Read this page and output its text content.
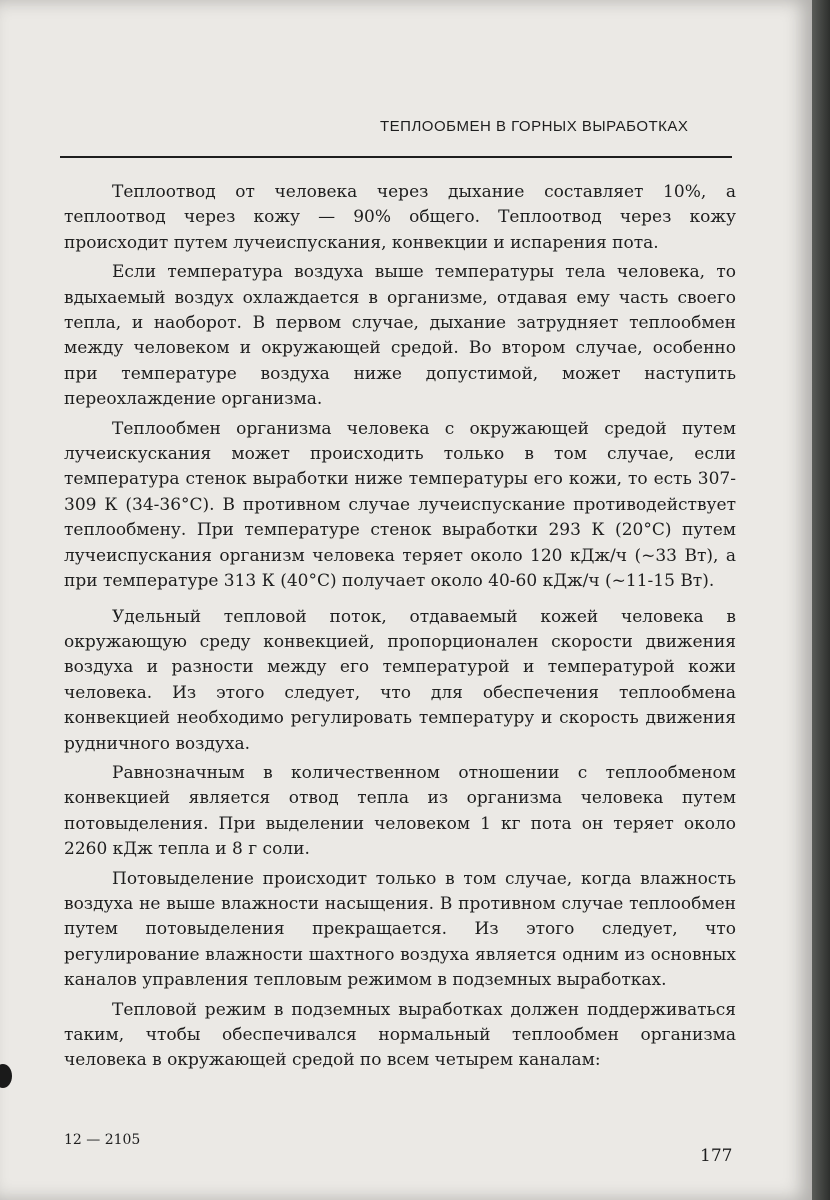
ТЕПЛООБМЕН В ГОРНЫХ ВЫРАБОТКАХ

Теплоотвод от человека через дыхание составляет 10%, а теплоотвод через кожу — 90% общего. Теплоотвод через кожу происходит путем лучеиспускания, конвекции и испарения пота.

Если температура воздуха выше температуры тела человека, то вдыхаемый воздух охлаждается в организме, отдавая ему часть своего тепла, и наоборот. В первом случае, дыхание затрудняет теплообмен между человеком и окружающей средой. Во втором случае, особенно при температуре воздуха ниже допустимой, может наступить переохлаждение организма.

Теплообмен организма человека с окружающей средой путем лучеискускания может происходить только в том случае, если температура стенок выработки ниже температуры его кожи, то есть 307-309 К (34-36°С). В противном случае лучеиспускание противодействует теплообмену. При температуре стенок выработки 293 К (20°С) путем лучеиспускания организм человека теряет около 120 кДж/ч (~33 Вт), а при температуре 313 К (40°С) получает около 40-60 кДж/ч (~11-15 Вт).

Удельный тепловой поток, отдаваемый кожей человека в окружающую среду конвекцией, пропорционален скорости движения воздуха и разности между его температурой и температурой кожи человека. Из этого следует, что для обеспечения теплообмена конвекцией необходимо регулировать температуру и скорость движения рудничного воздуха.

Равнозначным в количественном отношении с теплообменом конвекцией является отвод тепла из организма человека путем потовыделения. При выделении человеком 1 кг пота он теряет около 2260 кДж тепла и 8 г соли.

Потовыделение происходит только в том случае, когда влажность воздуха не выше влажности насыщения. В противном случае теплообмен путем потовыделения прекращается. Из этого следует, что регулирование влажности шахтного воздуха является одним из основных каналов управления тепловым режимом в подземных выработках.

Тепловой режим в подземных выработках должен поддерживаться таким, чтобы обеспечивался нормальный теплообмен организма человека в окружающей средой по всем четырем каналам:

12 — 2105
177
